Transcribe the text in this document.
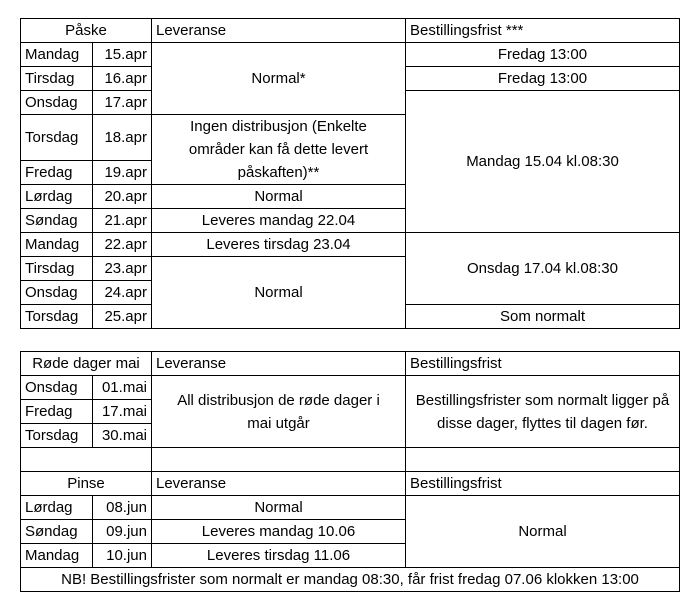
Påske		Leveranse	Bestillingsfrist ***
Mandag	15.apr	Normal*	Fredag 13:00
Tirsdag	16.apr		Fredag 13:00
Onsdag	17.apr		Mandag 15.04 kl.08:30
Torsdag	18.apr	Ingen distribusjon (Enkelte områder kan få dette levert påskaften)**	
Fredag	19.apr		
Lørdag	20.apr	Normal	
Søndag	21.apr	Leveres mandag 22.04	
Mandag	22.apr	Leveres tirsdag 23.04	Onsdag 17.04 kl.08:30
Tirsdag	23.apr	Normal	
Onsdag	24.apr		
Torsdag	25.apr		Som normalt
Røde dager mai		Leveranse	Bestillingsfrist
Onsdag	01.mai	All distribusjon de røde dager i mai utgår	Bestillingsfrister som normalt ligger på disse dager, flyttes til dagen før.
Fredag	17.mai		
Torsdag	30.mai		

Pinse		Leveranse	Bestillingsfrist
Lørdag	08.jun	Normal	Normal
Søndag	09.jun	Leveres mandag 10.06	
Mandag	10.jun	Leveres tirsdag 11.06	
NB! Bestillingsfrister som normalt er mandag 08:30, får frist fredag 07.06 klokken 13:00			
